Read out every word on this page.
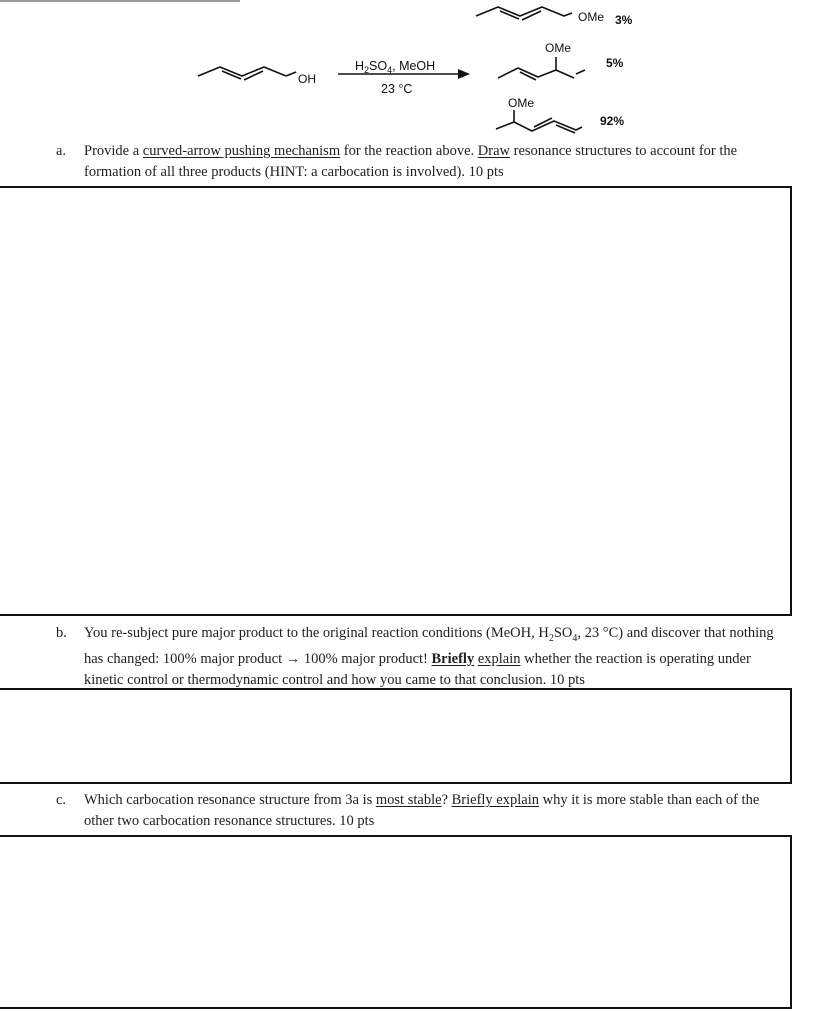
OH
$H_2SO_4$, MeOH
23 °C
OMe 3%
OMe
5%
OMe
92%
a. Provide a curved-arrow pushing mechanism for the reaction above. Draw resonance structures to account for the formation of all three products (HINT: a carbocation is involved). 10 pts
b. You re-subject pure major product to the original reaction conditions (MeOH, $H_2SO_4$, 23 °C) and discover that nothing has changed: 100% major product → 100% major product! Briefly explain whether the reaction is operating under kinetic control or thermodynamic control and how you came to that conclusion. 10 pts
c. Which carbocation resonance structure from 3a is most stable? Briefly explain why it is more stable than each of the other two carbocation resonance structures. 10 pts
